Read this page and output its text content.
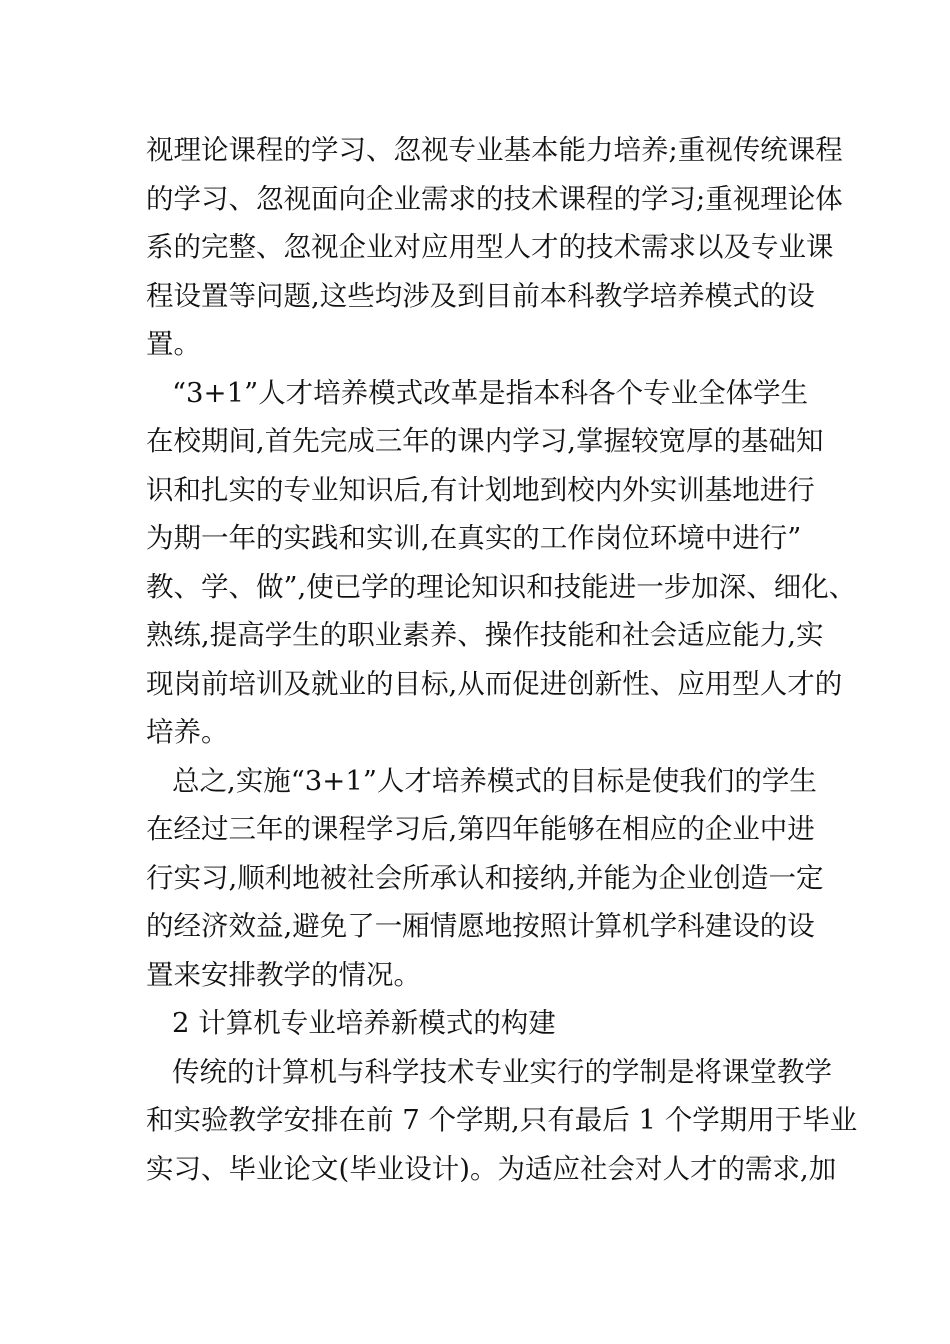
视理论课程的学习、忽视专业基本能力培养;重视传统课程
的学习、忽视面向企业需求的技术课程的学习;重视理论体
系的完整、忽视企业对应用型人才的技术需求以及专业课
程设置等问题,这些均涉及到目前本科教学培养模式的设
置。
“3+1”人才培养模式改革是指本科各个专业全体学生
在校期间,首先完成三年的课内学习,掌握较宽厚的基础知
识和扎实的专业知识后,有计划地到校内外实训基地进行
为期一年的实践和实训,在真实的工作岗位环境中进行”
教、学、做”,使已学的理论知识和技能进一步加深、细化、
熟练,提高学生的职业素养、操作技能和社会适应能力,实
现岗前培训及就业的目标,从而促进创新性、应用型人才的
培养。
总之,实施“3+1”人才培养模式的目标是使我们的学生
在经过三年的课程学习后,第四年能够在相应的企业中进
行实习,顺利地被社会所承认和接纳,并能为企业创造一定
的经济效益,避免了一厢情愿地按照计算机学科建设的设
置来安排教学的情况。
2 计算机专业培养新模式的构建
传统的计算机与科学技术专业实行的学制是将课堂教学
和实验教学安排在前 7 个学期,只有最后 1 个学期用于毕业
实习、毕业论文(毕业设计)。为适应社会对人才的需求,加
